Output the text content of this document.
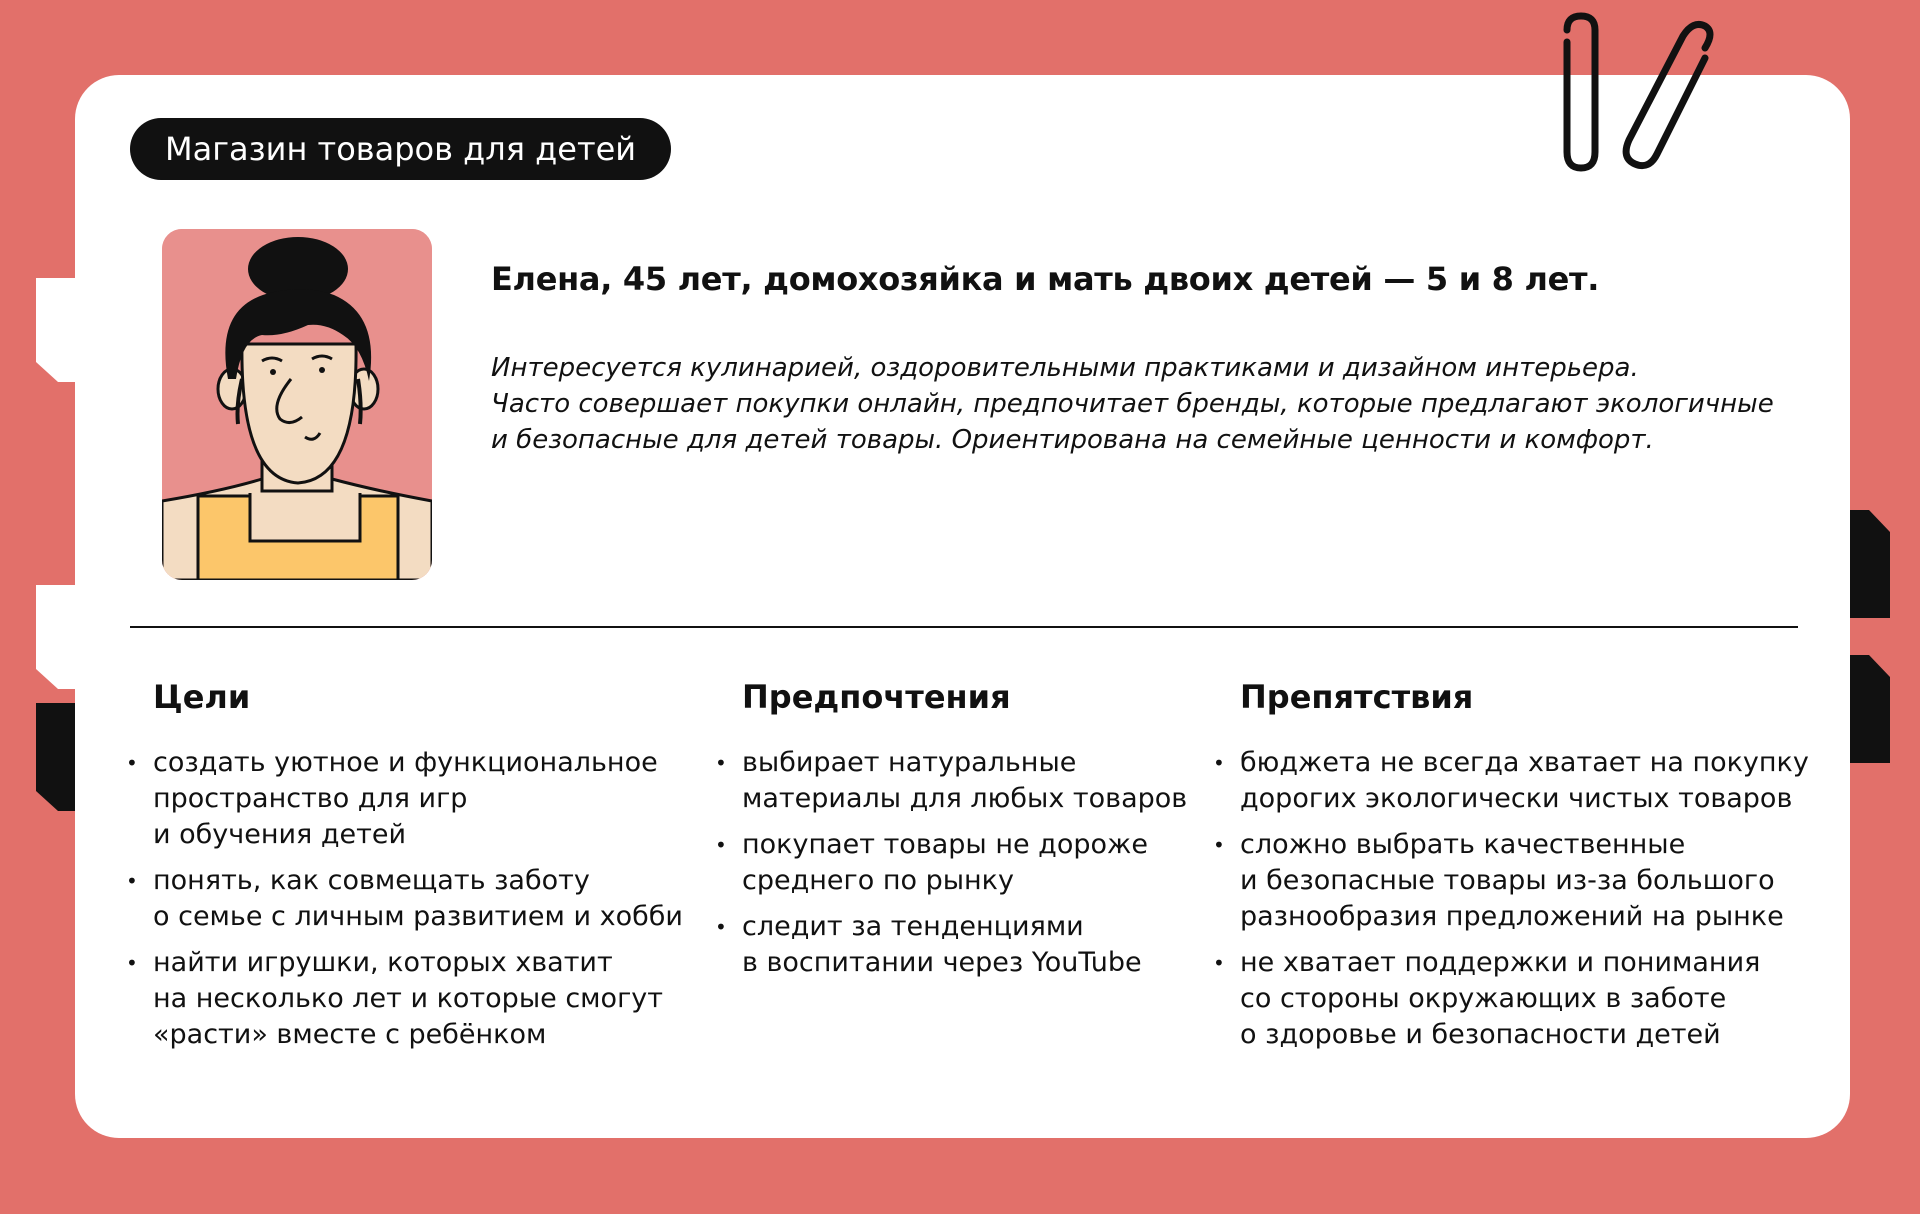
Магазин товаров для детей
Елена, 45 лет, домохозяйка и мать двоих детей — 5 и 8 лет.
Интересуется кулинарией, оздоровительными практиками и дизайном интерьера.
Часто совершает покупки онлайн, предпочитает бренды, которые предлагают экологичные
и безопасные для детей товары. Ориентирована на семейные ценности и комфорт.
Цели
• создать уютное и функциональное
пространство для игр
и обучения детей
• понять, как совмещать заботу
о семье с личным развитием и хобби
• найти игрушки, которых хватит
на несколько лет и которые смогут
«расти» вместе с ребёнком
Предпочтения
• выбирает натуральные
материалы для любых товаров
• покупает товары не дороже
среднего по рынку
• следит за тенденциями
в воспитании через YouTube
Препятствия
• бюджета не всегда хватает на покупку
дорогих экологически чистых товаров
• сложно выбрать качественные
и безопасные товары из-за большого
разнообразия предложений на рынке
• не хватает поддержки и понимания
со стороны окружающих в заботе
о здоровье и безопасности детей
